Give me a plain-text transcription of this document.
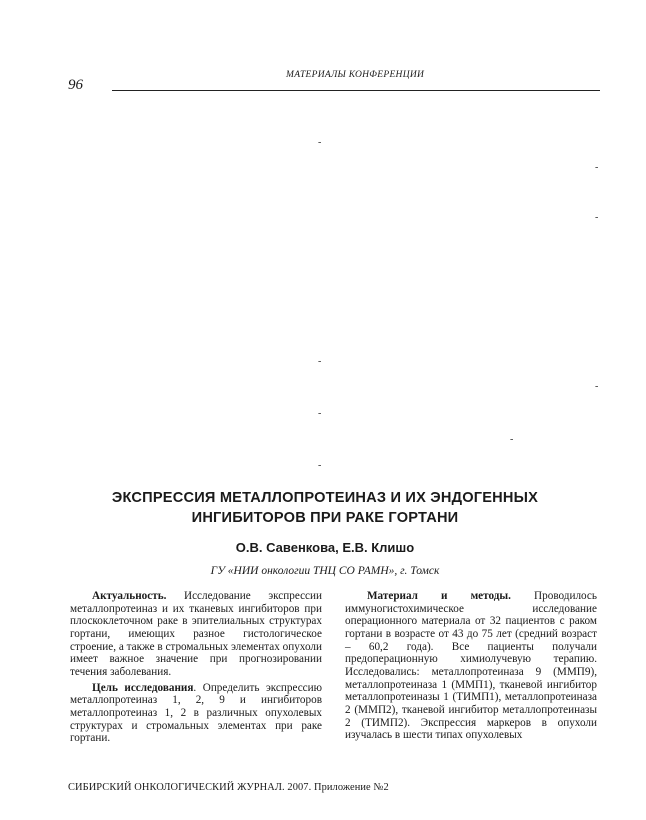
МАТЕРИАЛЫ КОНФЕРЕНЦИИ
96
-
-
-
-
-
-
-
-
ЭКСПРЕССИЯ МЕТАЛЛОПРОТЕИНАЗ И ИХ ЭНДОГЕННЫХ
ИНГИБИТОРОВ ПРИ РАКЕ ГОРТАНИ
О.В. Савенкова, Е.В. Клишо
ГУ «НИИ онкологии ТНЦ СО РАМН», г. Томск

Актуальность. Исследование экспрессии металлопротеиназ и их тканевых ингибиторов при плоскоклеточном раке в эпителиальных структурах гортани, имеющих разное гистологическое строение, а также в стромальных элементах опухоли имеет важное значение при прогнозировании течения заболевания.

Цель исследования. Определить экспрессию металлопротеиназ 1, 2, 9 и ингибиторов металлопротеиназ 1, 2 в различных опухолевых структурах и стромальных элементах при раке гортани.

Материал и методы. Проводилось иммуногистохимическое исследование операционного материала от 32 пациентов с раком гортани в возрасте от 43 до 75 лет (средний возраст – 60,2 года). Все пациенты получали предоперационную химиолучевую терапию. Исследовались: металлопротеиназа 9 (ММП9), металлопротеиназа 1 (ММП1), тканевой ингибитор металлопротеиназы 1 (ТИМП1), металлопротеиназа 2 (ММП2), тканевой ингибитор металлопротеиназы 2 (ТИМП2). Экспрессия маркеров в опухоли изучалась в шести типах опухолевых

СИБИРСКИЙ ОНКОЛОГИЧЕСКИЙ ЖУРНАЛ. 2007. Приложение №2
